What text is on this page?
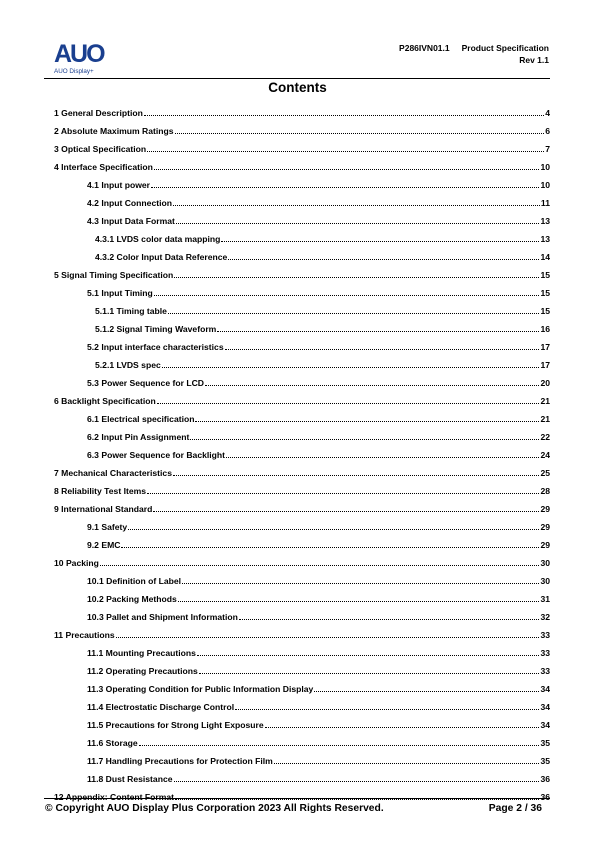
AUO
AUO Display+
P286IVN01.1 Product Specification
Rev 1.1
Contents
1 General Description	4
2 Absolute Maximum Ratings	6
3 Optical Specification	7
4 Interface Specification	10
4.1 Input power	10
4.2 Input Connection	11
4.3 Input Data Format	13
4.3.1 LVDS color data mapping	13
4.3.2 Color Input Data Reference	14
5 Signal Timing Specification	15
5.1 Input Timing	15
5.1.1 Timing table	15
5.1.2 Signal Timing Waveform	16
5.2 Input interface characteristics	17
5.2.1 LVDS spec	17
5.3 Power Sequence for LCD	20
6 Backlight Specification	21
6.1 Electrical specification	21
6.2 Input Pin Assignment	22
6.3 Power Sequence for Backlight	24
7 Mechanical Characteristics	25
8 Reliability Test Items	28
9 International Standard	29
9.1 Safety	29
9.2 EMC	29
10 Packing	30
10.1 Definition of Label	30
10.2 Packing Methods	31
10.3 Pallet and Shipment Information	32
11 Precautions	33
11.1 Mounting Precautions	33
11.2 Operating Precautions	33
11.3 Operating Condition for Public Information Display	34
11.4 Electrostatic Discharge Control	34
11.5 Precautions for Strong Light Exposure	34
11.6 Storage	35
11.7 Handling Precautions for Protection Film	35
11.8 Dust Resistance	36
12 Appendix: Content Format	36
© Copyright AUO Display Plus Corporation 2023 All Rights Reserved.	Page 2 / 36
